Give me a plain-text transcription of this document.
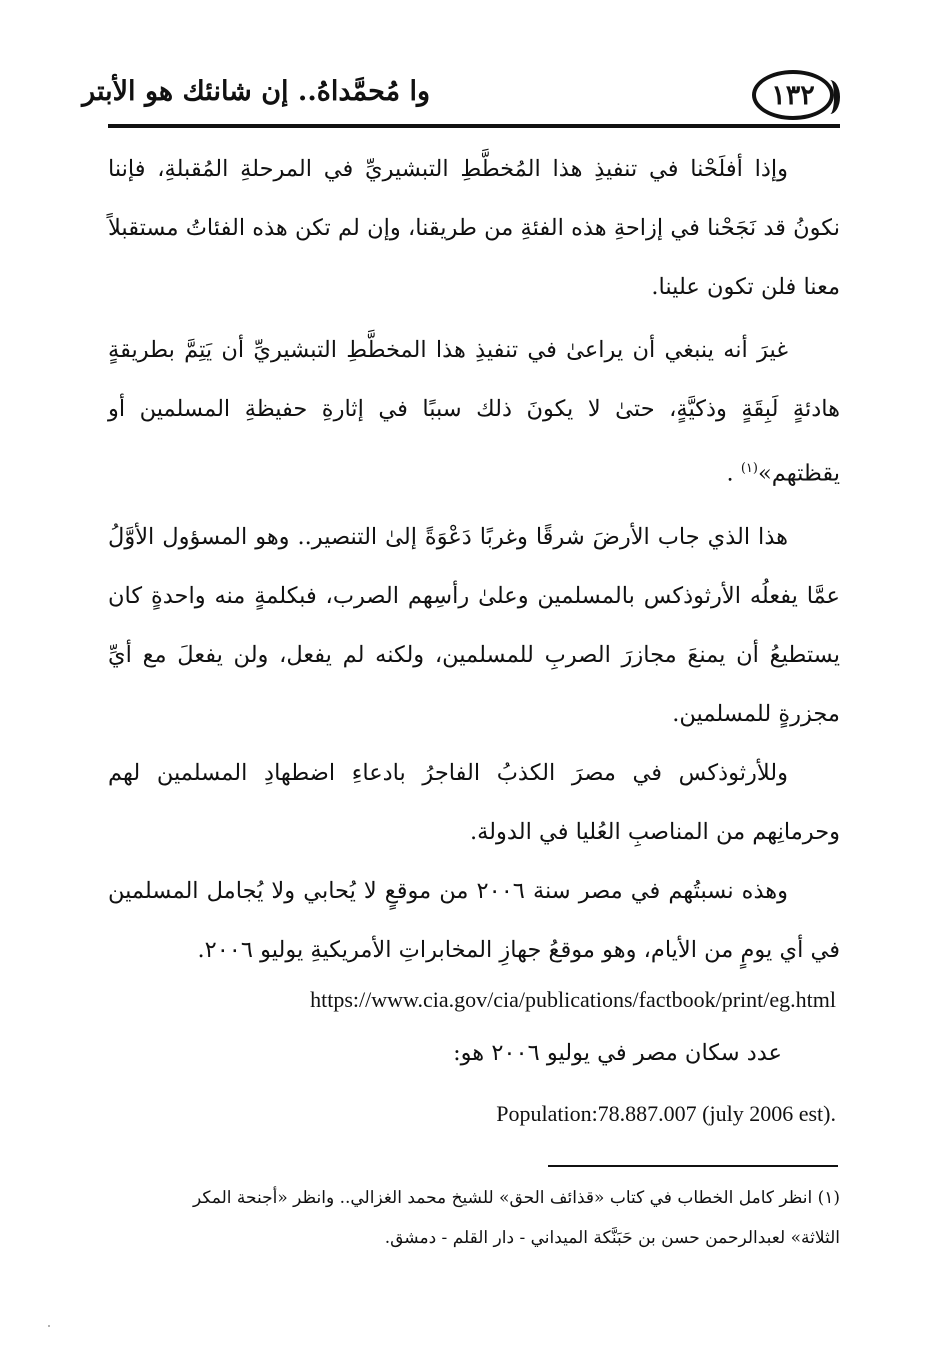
وا مُحمَّداهُ.. إن شانئك هو الأبتر	١٣٢

وإذا أفلَحْنا في تنفيذِ هذا المُخطَّطِ التبشيريِّ في المرحلةِ المُقبلةِ، فإننا نكونُ قد نَجَحْنا في إزاحةِ هذه الفئةِ من طريقنا، وإن لم تكن هذه الفئاتُ مستقبلاً معنا فلن تكون علينا.

غيرَ أنه ينبغي أن يراعىٰ في تنفيذِ هذا المخطَّطِ التبشيريِّ أن يَتِمَّ بطريقةٍ هادئةٍ لَبِقَةٍ وذكيَّةٍ، حتىٰ لا يكونَ ذلك سببًا في إثارةِ حفيظةِ المسلمين أو يقظتهم»$^{(١)}$ .

هذا الذي جاب الأرضَ شرقًا وغربًا دَعْوَةً إلىٰ التنصير.. وهو المسؤول الأوَّلُ عمَّا يفعلُه الأرثوذكس بالمسلمين وعلىٰ رأسِهم الصرب، فبكلمةٍ منه واحدةٍ كان يستطيعُ أن يمنعَ مجازرَ الصربِ للمسلمين، ولكنه لم يفعل، ولن يفعلَ مع أيِّ مجزرةٍ للمسلمين.

وللأرثوذكس في مصرَ الكذبُ الفاجرُ بادعاءِ اضطهادِ المسلمين لهم وحرمانِهم من المناصبِ العُليا في الدولة.

وهذه نسبتُهم في مصر سنة ٢٠٠٦ من موقعٍ لا يُحابي ولا يُجامل المسلمين في أي يومٍ من الأيام، وهو موقعُ جهازِ المخابراتِ الأمريكيةِ يوليو ٢٠٠٦.

https://www.cia.gov/cia/publications/factbook/print/eg.html
عدد سكان مصر في يوليو ٢٠٠٦ هو:
Population:78.887.007 (july 2006 est).

(١) انظر كامل الخطاب في كتاب «قذائف الحق» للشيخ محمد الغزالي.. وانظر «أجنحة المكر

الثلاثة» لعبدالرحمن حسن بن حَبَنَّكة الميداني - دار القلم - دمشق.
